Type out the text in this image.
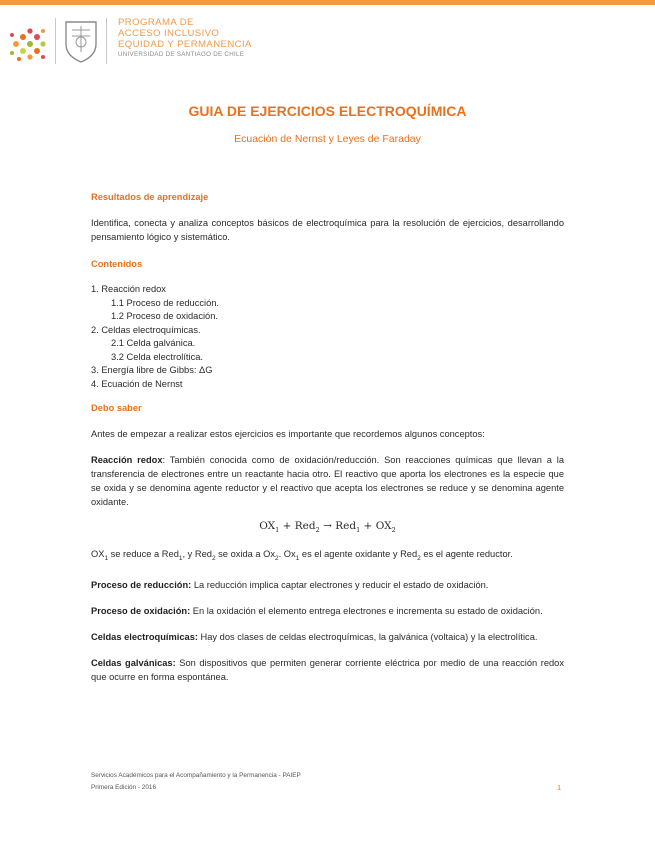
PROGRAMA DE
ACCESO INCLUSIVO
EQUIDAD Y PERMANENCIA
UNIVERSIDAD DE SANTIAGO DE CHILE
GUIA DE EJERCICIOS ELECTROQUÍMICA
Ecuación de Nernst y Leyes de Faraday
Resultados de aprendizaje

Identifica, conecta y analiza conceptos básicos de electroquímica para la resolución de ejercicios, desarrollando pensamiento lógico y sistemático.

Contenidos
1. Reacción redox
1.1 Proceso de reducción.
1.2 Proceso de oxidación.
2. Celdas electroquímicas.
2.1 Celda galvánica.
3.2 Celda electrolítica.
3. Energía libre de Gibbs: ΔG
4. Ecuación de Nernst
Debo saber

Antes de empezar a realizar estos ejercicios es importante que recordemos algunos conceptos:

Reacción redox: También conocida como de oxidación/reducción. Son reacciones químicas que llevan a la transferencia de electrones entre un reactante hacia otro. El reactivo que aporta los electrones es la especie que se oxida y se denomina agente reductor y el reactivo que acepta los electrones se reduce y se denomina agente oxidante.

$OX_1 + Red_2 \to Red_1 + OX_2$

$OX_1$ se reduce a Red$_1$, y Red$_2$ se oxida a $Ox_2$. $Ox_1$ es el agente oxidante y Red$_2$ es el agente reductor.

Proceso de reducción: La reducción implica captar electrones y reducir el estado de oxidación.

Proceso de oxidación: En la oxidación el elemento entrega electrones e incrementa su estado de oxidación.

Celdas electroquímicas: Hay dos clases de celdas electroquímicas, la galvánica (voltaica) y la electrolítica.

Celdas galvánicas: Son dispositivos que permiten generar corriente eléctrica por medio de una reacción redox que ocurre en forma espontánea.

Servicios Académicos para el Acompañamiento y la Permanencia - PAIEP
Primera Edición - 2016	1
